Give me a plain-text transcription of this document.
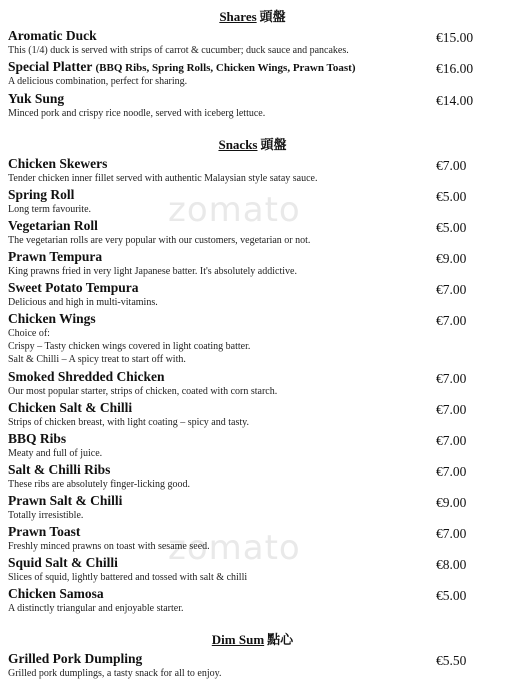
zomato
zomato
Shares 頭盤
Snacks 頭盤
Dim Sum 點心
Aromatic Duck	€15.00
This (1/4) duck is served with strips of carrot & cucumber; duck sauce and pancakes.
Special Platter (BBQ Ribs, Spring Rolls, Chicken Wings, Prawn Toast)	€16.00
A delicious combination, perfect for sharing.
Yuk Sung	€14.00
Minced pork and crispy rice noodle, served with iceberg lettuce.
Chicken Skewers	€7.00
Tender chicken inner fillet served with authentic Malaysian style satay sauce.
Spring Roll	€5.00
Long term favourite.
Vegetarian Roll	€5.00
The vegetarian rolls are very popular with our customers, vegetarian or not.
Prawn Tempura	€9.00
King prawns fried in very light Japanese batter. It's absolutely addictive.
Sweet Potato Tempura	€7.00
Delicious and high in multi-vitamins.
Chicken Wings	€7.00
Choice of:
Crispy – Tasty chicken wings covered in light coating batter.
Salt & Chilli – A spicy treat to start off with.
Smoked Shredded Chicken	€7.00
Our most popular starter, strips of chicken, coated with corn starch.
Chicken Salt & Chilli	€7.00
Strips of chicken breast, with light coating – spicy and tasty.
BBQ Ribs	€7.00
Meaty and full of juice.
Salt & Chilli Ribs	€7.00
These ribs are absolutely finger-licking good.
Prawn Salt & Chilli	€9.00
Totally irresistible.
Prawn Toast	€7.00
Freshly minced prawns on toast with sesame seed.
Squid Salt & Chilli	€8.00
Slices of squid, lightly battered and tossed with salt & chilli
Chicken Samosa	€5.00
A distinctly triangular and enjoyable starter.
Grilled Pork Dumpling	€5.50
Grilled pork dumplings, a tasty snack for all to enjoy.
